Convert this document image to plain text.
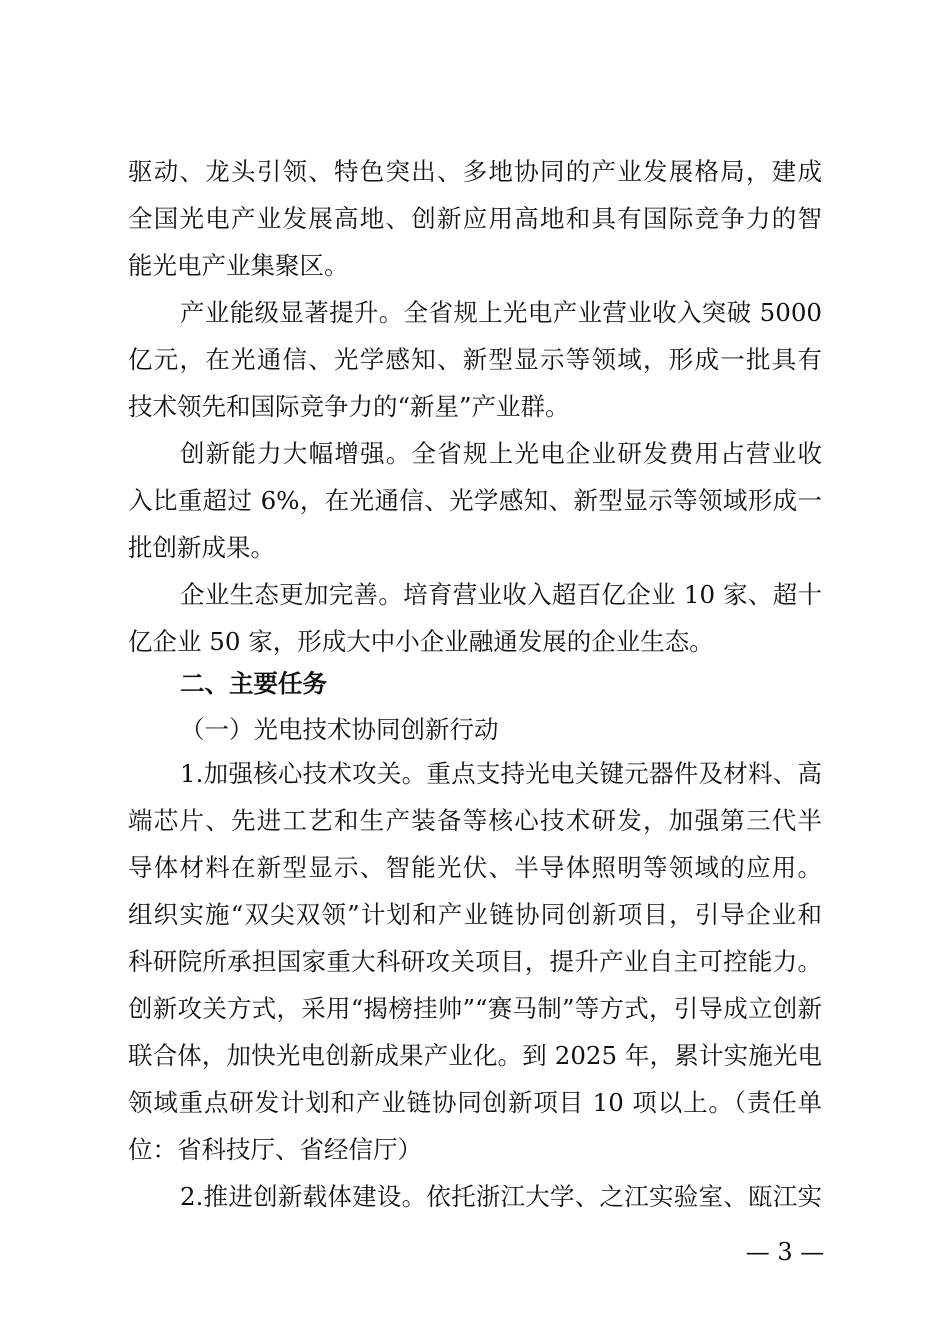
驱动、龙头引领、特色突出、多地协同的产业发展格局，建成
全国光电产业发展高地、创新应用高地和具有国际竞争力的智
能光电产业集聚区。
产业能级显著提升。全省规上光电产业营业收入突破 5000
亿元，在光通信、光学感知、新型显示等领域，形成一批具有
技术领先和国际竞争力的“新星”产业群。
创新能力大幅增强。全省规上光电企业研发费用占营业收
入比重超过 6%，在光通信、光学感知、新型显示等领域形成一
批创新成果。
企业生态更加完善。培育营业收入超百亿企业 10 家、超十
亿企业 50 家，形成大中小企业融通发展的企业生态。
二、主要任务
（一）光电技术协同创新行动
1.加强核心技术攻关。重点支持光电关键元器件及材料、高
端芯片、先进工艺和生产装备等核心技术研发，加强第三代半
导体材料在新型显示、智能光伏、半导体照明等领域的应用。
组织实施“双尖双领”计划和产业链协同创新项目，引导企业和
科研院所承担国家重大科研攻关项目，提升产业自主可控能力。
创新攻关方式，采用“揭榜挂帅”“赛马制”等方式，引导成立创新
联合体，加快光电创新成果产业化。到 2025 年，累计实施光电
领域重点研发计划和产业链协同创新项目 10 项以上。（责任单
位：省科技厅、省经信厅）
2.推进创新载体建设。依托浙江大学、之江实验室、瓯江实
— 3 —
